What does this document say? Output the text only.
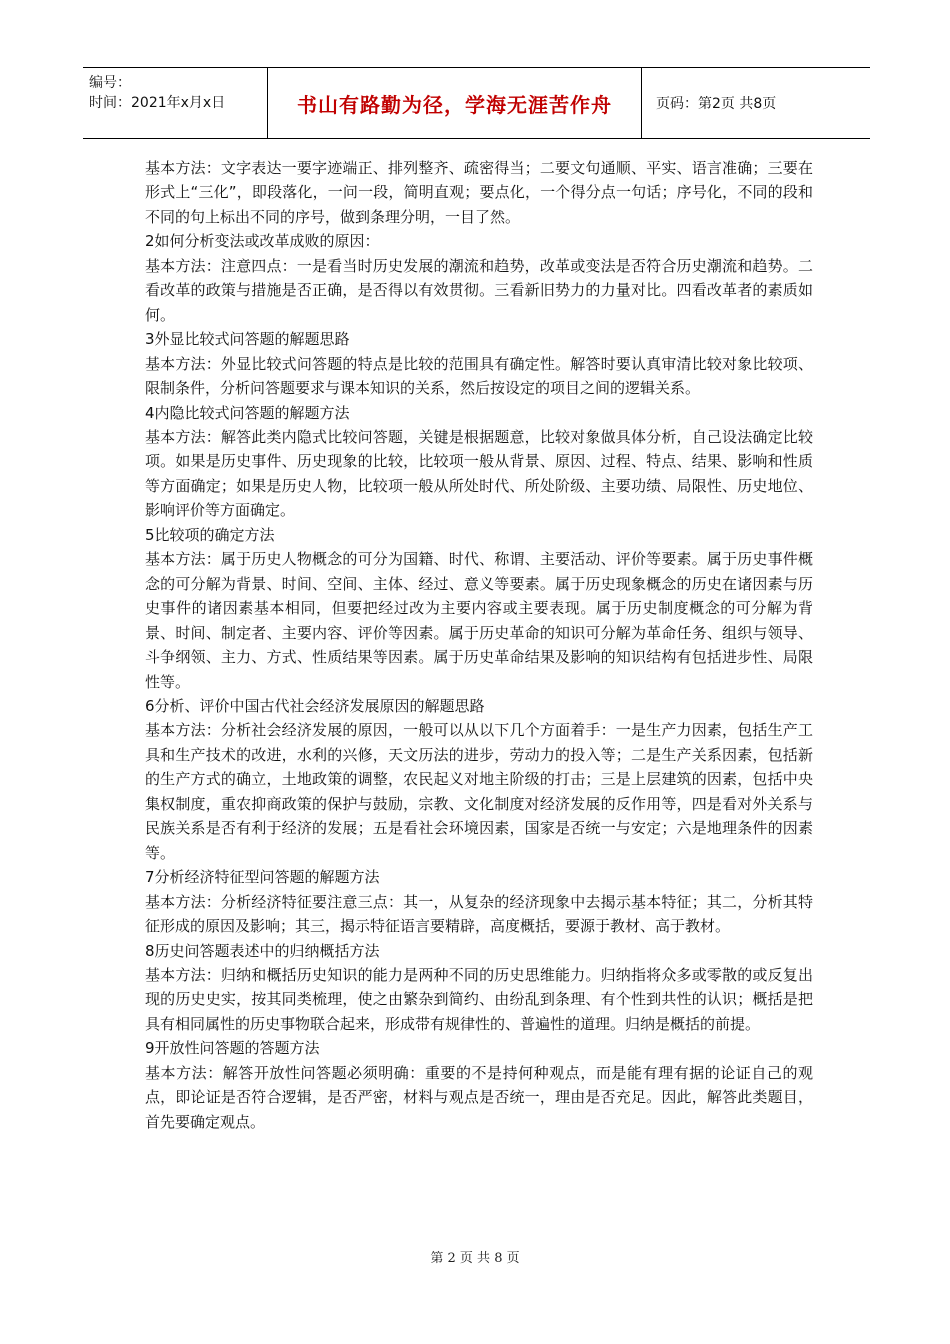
编号：
时间：2021年x月x日	书山有路勤为径，学海无涯苦作舟	页码：第2页 共8页

基本方法：文字表达一要字迹端正、排列整齐、疏密得当；二要文句通顺、平实、语言准确；三要在形式上“三化”，即段落化，一问一段，简明直观；要点化，一个得分点一句话；序号化，不同的段和不同的句上标出不同的序号，做到条理分明，一目了然。

2如何分析变法或改革成败的原因：

基本方法：注意四点：一是看当时历史发展的潮流和趋势，改革或变法是否符合历史潮流和趋势。二看改革的政策与措施是否正确，是否得以有效贯彻。三看新旧势力的力量对比。四看改革者的素质如何。

3外显比较式问答题的解题思路

基本方法：外显比较式问答题的特点是比较的范围具有确定性。解答时要认真审清比较对象比较项、限制条件，分析问答题要求与课本知识的关系，然后按设定的项目之间的逻辑关系。

4内隐比较式问答题的解题方法

基本方法：解答此类内隐式比较问答题，关键是根据题意，比较对象做具体分析，自己设法确定比较项。如果是历史事件、历史现象的比较，比较项一般从背景、原因、过程、特点、结果、影响和性质等方面确定；如果是历史人物，比较项一般从所处时代、所处阶级、主要功绩、局限性、历史地位、影响评价等方面确定。

5比较项的确定方法

基本方法：属于历史人物概念的可分为国籍、时代、称谓、主要活动、评价等要素。属于历史事件概念的可分解为背景、时间、空间、主体、经过、意义等要素。属于历史现象概念的历史在诸因素与历史事件的诸因素基本相同，但要把经过改为主要内容或主要表现。属于历史制度概念的可分解为背景、时间、制定者、主要内容、评价等因素。属于历史革命的知识可分解为革命任务、组织与领导、斗争纲领、主力、方式、性质结果等因素。属于历史革命结果及影响的知识结构有包括进步性、局限性等。

6分析、评价中国古代社会经济发展原因的解题思路

基本方法：分析社会经济发展的原因，一般可以从以下几个方面着手：一是生产力因素，包括生产工具和生产技术的改进，水利的兴修，天文历法的进步，劳动力的投入等；二是生产关系因素，包括新的生产方式的确立，土地政策的调整，农民起义对地主阶级的打击；三是上层建筑的因素，包括中央集权制度，重农抑商政策的保护与鼓励，宗教、文化制度对经济发展的反作用等，四是看对外关系与民族关系是否有利于经济的发展；五是看社会环境因素，国家是否统一与安定；六是地理条件的因素等。

7分析经济特征型问答题的解题方法

基本方法：分析经济特征要注意三点：其一，从复杂的经济现象中去揭示基本特征；其二，分析其特征形成的原因及影响；其三，揭示特征语言要精辟，高度概括，要源于教材、高于教材。

8历史问答题表述中的归纳概括方法

基本方法：归纳和概括历史知识的能力是两种不同的历史思维能力。归纳指将众多或零散的或反复出现的历史史实，按其同类梳理，使之由繁杂到简约、由纷乱到条理、有个性到共性的认识；概括是把具有相同属性的历史事物联合起来，形成带有规律性的、普遍性的道理。归纳是概括的前提。

9开放性问答题的答题方法

基本方法：解答开放性问答题必须明确：重要的不是持何种观点，而是能有理有据的论证自己的观点，即论证是否符合逻辑，是否严密，材料与观点是否统一，理由是否充足。因此，解答此类题目，首先要确定观点。

第 2 页 共 8 页
